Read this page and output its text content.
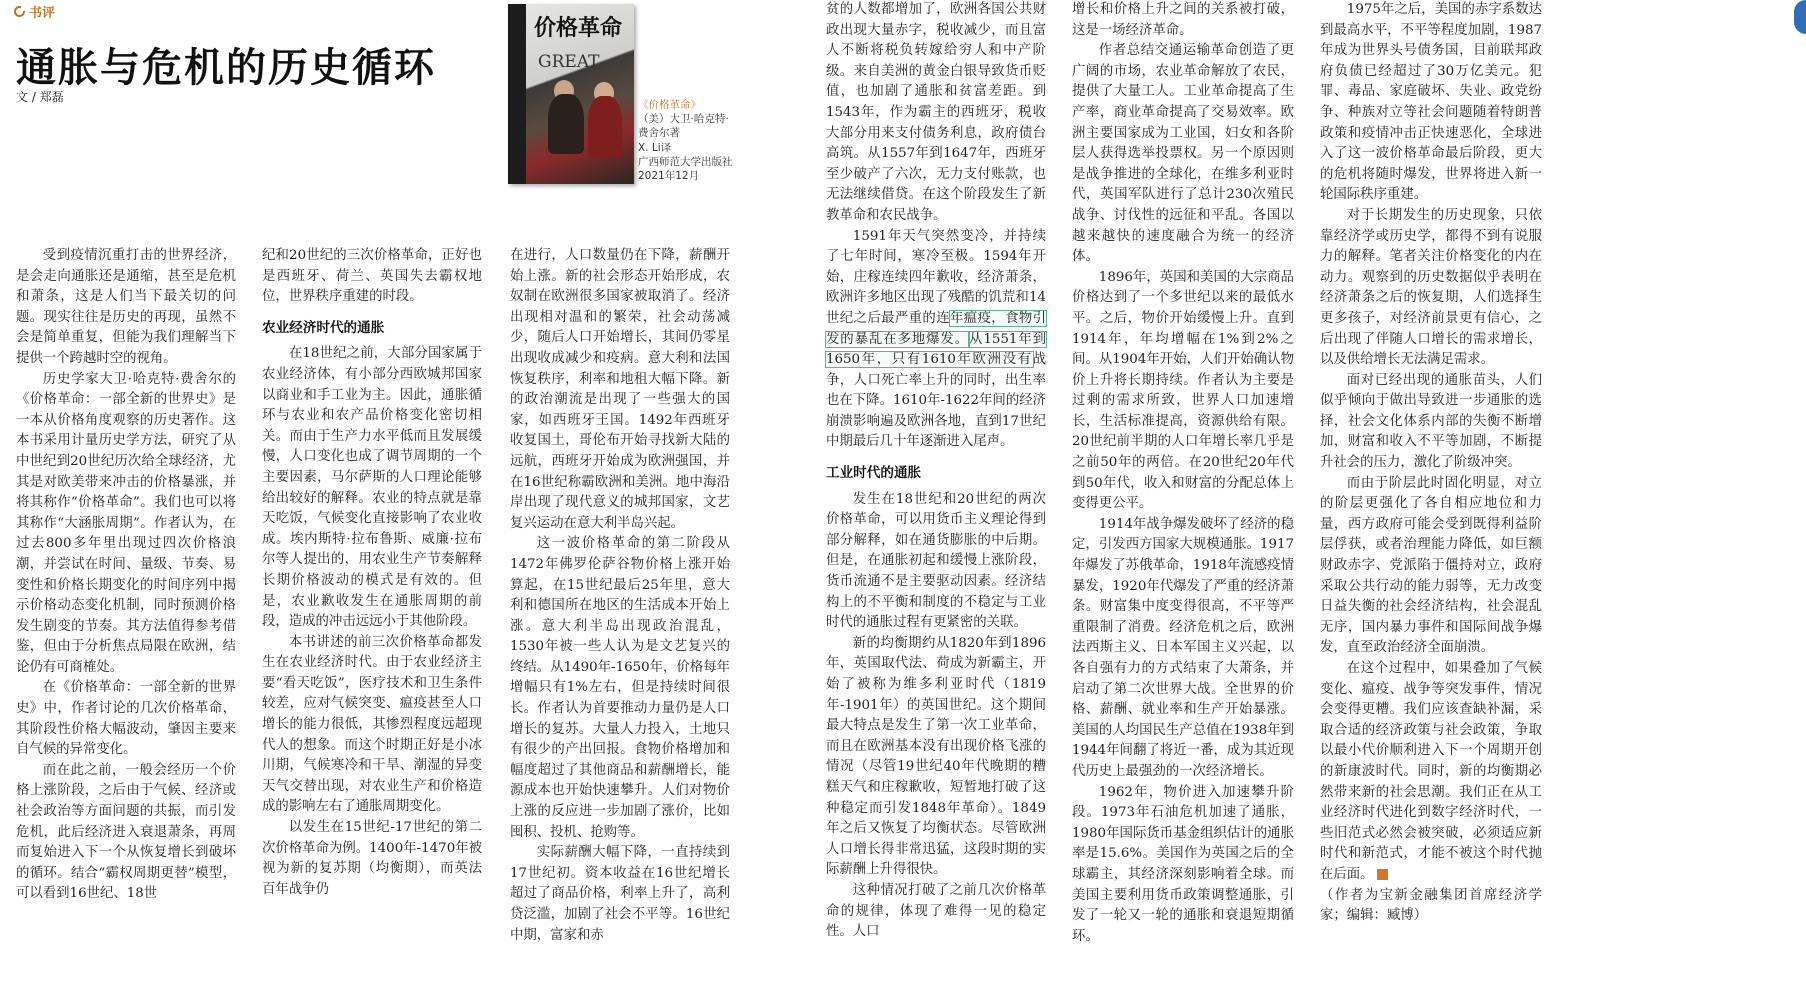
书评
通胀与危机的历史循环
文 / 郑磊
价格革命
GREAT
《价格革命》
（美）大卫·哈克特·费舍尔著
X. Li译
广西师范大学出版社
2021年12月

受到疫情沉重打击的世界经济，是会走向通胀还是通缩，甚至是危机和萧条，这是人们当下最关切的问题。现实往往是历史的再现，虽然不会是简单重复，但能为我们理解当下提供一个跨越时空的视角。

历史学家大卫·哈克特·费舍尔的《价格革命：一部全新的世界史》是一本从价格角度观察的历史著作。这本书采用计量历史学方法，研究了从中世纪到20世纪历次给全球经济，尤其是对欧美带来冲击的价格暴涨，并将其称作“价格革命”。我们也可以将其称作“大涵胀周期”。作者认为，在过去800多年里出现过四次价格浪潮，并尝试在时间、量级、节奏、易变性和价格长期变化的时间序列中揭示价格动态变化机制，同时预测价格发生剧变的节奏。其方法值得参考借鉴，但由于分析焦点局限在欧洲，结论仍有可商榷处。

在《价格革命：一部全新的世界史》中，作者讨论的几次价格革命，其阶段性价格大幅波动，肇因主要来自气候的异常变化。

而在此之前，一般会经历一个价格上涨阶段，之后由于气候、经济或社会政治等方面问题的共振，而引发危机，此后经济进入衰退萧条，再周而复始进入下一个从恢复增长到破坏的循环。结合“霸权周期更替”模型，可以看到16世纪、18世

纪和20世纪的三次价格革命，正好也是西班牙、荷兰、英国失去霸权地位，世界秩序重建的时段。

农业经济时代的通胀

在18世纪之前，大部分国家属于农业经济体，有小部分西欧城邦国家以商业和手工业为主。因此，通胀循环与农业和农产品价格变化密切相关。而由于生产力水平低而且发展缓慢，人口变化也成了调节周期的一个主要因素，马尔萨斯的人口理论能够给出较好的解释。农业的特点就是靠天吃饭，气候变化直接影响了农业收成。埃内斯特·拉布鲁斯、威廉·拉布尔等人提出的，用农业生产节奏解释长期价格波动的模式是有效的。但是，农业歉收发生在通胀周期的前段，造成的冲击远远小于其他阶段。

本书讲述的前三次价格革命都发生在农业经济时代。由于农业经济主要“看天吃饭”，医疗技术和卫生条件较差，应对气候突变、瘟疫甚至人口增长的能力很低，其惨烈程度远超现代人的想象。而这个时期正好是小冰川期，气候寒冷和干旱、潮湿的异变天气交替出现，对农业生产和价格造成的影响左右了通胀周期变化。

以发生在15世纪-17世纪的第二次价格革命为例。1400年-1470年被视为新的复苏期（均衡期），而英法百年战争仍

在进行，人口数量仍在下降，薪酬开始上涨。新的社会形态开始形成，农奴制在欧洲很多国家被取消了。经济出现相对温和的繁荣，社会动荡减少，随后人口开始增长，其间仍零星出现收成减少和疫病。意大利和法国恢复秩序，利率和地租大幅下降。新的政治潮流是出现了一些强大的国家，如西班牙王国。1492年西班牙收复国土，哥伦布开始寻找新大陆的远航，西班牙开始成为欧洲强国，并在16世纪称霸欧洲和美洲。地中海沿岸出现了现代意义的城邦国家，文艺复兴运动在意大利半岛兴起。

这一波价格革命的第二阶段从1472年佛罗伦萨谷物价格上涨开始算起，在15世纪最后25年里，意大利和德国所在地区的生活成本开始上涨。意大利半岛出现政治混乱，1530年被一些人认为是文艺复兴的终结。从1490年-1650年，价格每年增幅只有1%左右，但是持续时间很长。作者认为首要推动力量仍是人口增长的复苏。大量人力投入，土地只有很少的产出回报。食物价格增加和幅度超过了其他商品和薪酬增长，能源成本也开始快速攀升。人们对物价上涨的反应进一步加剧了涨价，比如囤积、投机、抢购等。

实际薪酬大幅下降，一直持续到17世纪初。资本收益在16世纪增长超过了商品价格，利率上升了，高利贷泛滥，加剧了社会不平等。16世纪中期，富家和赤

贫的人数都增加了，欧洲各国公共财政出现大量赤字，税收减少，而且富人不断将税负转嫁给穷人和中产阶级。来自美洲的黄金白银导致货币贬值，也加剧了通胀和贫富差距。到1543年，作为霸主的西班牙，税收大部分用来支付债务利息，政府债台高筑。从1557年到1647年，西班牙至少破产了六次，无力支付账款，也无法继续借贷。在这个阶段发生了新教革命和农民战争。

1591年天气突然变冷，并持续了七年时间，寒冷至极。1594年开始，庄稼连续四年歉收，经济萧条，欧洲许多地区出现了残酷的饥荒和14世纪之后最严重的连年瘟疫，食物引发的暴乱在多地爆发。从1551年到1650年，只有1610年欧洲没有战争，人口死亡率上升的同时，出生率也在下降。1610年-1622年间的经济崩溃影响遍及欧洲各地，直到17世纪中期最后几十年逐渐进入尾声。

工业时代的通胀

发生在18世纪和20世纪的两次价格革命，可以用货币主义理论得到部分解释，如在通货膨胀的中后期。但是，在通胀初起和缓慢上涨阶段，货币流通不是主要驱动因素。经济结构上的不平衡和制度的不稳定与工业时代的通胀过程有更紧密的关联。

新的均衡期约从1820年到1896年，英国取代法、荷成为新霸主，开始了被称为维多利亚时代（1819年-1901年）的英国世纪。这个期间最大特点是发生了第一次工业革命，而且在欧洲基本没有出现价格飞涨的情况（尽管19世纪40年代晚期的糟糕天气和庄稼歉收，短暂地打破了这种稳定而引发1848年革命）。1849年之后又恢复了均衡状态。尽管欧洲人口增长得非常迅猛，这段时期的实际薪酬上升得很快。

这种情况打破了之前几次价格革命的规律，体现了难得一见的稳定性。人口

增长和价格上升之间的关系被打破，这是一场经济革命。

作者总结交通运输革命创造了更广阔的市场，农业革命解放了农民，提供了大量工人。工业革命提高了生产率，商业革命提高了交易效率。欧洲主要国家成为工业国，妇女和各阶层人获得选举投票权。另一个原因则是战争推进的全球化，在维多利亚时代，英国军队进行了总计230次殖民战争、讨伐性的远征和平乱。各国以越来越快的速度融合为统一的经济体。

1896年，英国和美国的大宗商品价格达到了一个多世纪以来的最低水平。之后，物价开始缓慢上升。直到1914年，年均增幅在1%到2%之间。从1904年开始，人们开始确认物价上升将长期持续。作者认为主要是过剩的需求所致，世界人口加速增长，生活标准提高，资源供给有限。20世纪前半期的人口年增长率几乎是之前50年的两倍。在20世纪20年代到50年代，收入和财富的分配总体上变得更公平。

1914年战争爆发破坏了经济的稳定，引发西方国家大规模通胀。1917年爆发了苏俄革命，1918年流感疫情暴发，1920年代爆发了严重的经济萧条。财富集中度变得很高，不平等严重限制了消费。经济危机之后，欧洲法西斯主义、日本军国主义兴起，以各自强有力的方式结束了大萧条，并启动了第二次世界大战。全世界的价格、薪酬、就业率和生产开始暴涨。美国的人均国民生产总值在1938年到1944年间翻了将近一番，成为其近现代历史上最强劲的一次经济增长。

1962年，物价进入加速攀升阶段。1973年石油危机加速了通胀，1980年国际货币基金组织估计的通胀率是15.6%。美国作为英国之后的全球霸主，其经济深刻影响着全球。而美国主要利用货币政策调整通胀，引发了一轮又一轮的通胀和衰退短期循环。

1975年之后，美国的赤字系数达到最高水平，不平等程度加剧，1987年成为世界头号债务国，目前联邦政府负债已经超过了30万亿美元。犯罪、毒品、家庭破坏、失业、政党纷争、种族对立等社会问题随着特朗普政策和疫情冲击正快速恶化，全球进入了这一波价格革命最后阶段，更大的危机将随时爆发，世界将进入新一轮国际秩序重建。

对于长期发生的历史现象，只依靠经济学或历史学，都得不到有说服力的解释。笔者关注价格变化的内在动力。观察到的历史数据似乎表明在经济萧条之后的恢复期，人们选择生更多孩子，对经济前景更有信心，之后出现了伴随人口增长的需求增长，以及供给增长无法满足需求。

面对已经出现的通胀苗头，人们似乎倾向于做出导致进一步通胀的选择，社会文化体系内部的失衡不断增加，财富和收入不平等加剧，不断提升社会的压力，激化了阶级冲突。

而由于阶层此时固化明显，对立的阶层更强化了各自相应地位和力量，西方政府可能会受到既得利益阶层俘获，或者治理能力降低，如巨额财政赤字、党派陷于僵持对立，政府采取公共行动的能力弱等，无力改变日益失衡的社会经济结构，社会混乱无序，国内暴力事件和国际间战争爆发，直至政治经济全面崩溃。

在这个过程中，如果叠加了气候变化、瘟疫、战争等突发事件，情况会变得更糟。我们应该查缺补漏，采取合适的经济政策与社会政策，争取以最小代价顺利进入下一个周期开创的新康波时代。同时，新的均衡期必然带来新的社会思潮。我们正在从工业经济时代进化到数字经济时代，一些旧范式必然会被突破，必须适应新时代和新范式，才能不被这个时代抛在后面。

（作者为宝新金融集团首席经济学家；编辑：臧博）
